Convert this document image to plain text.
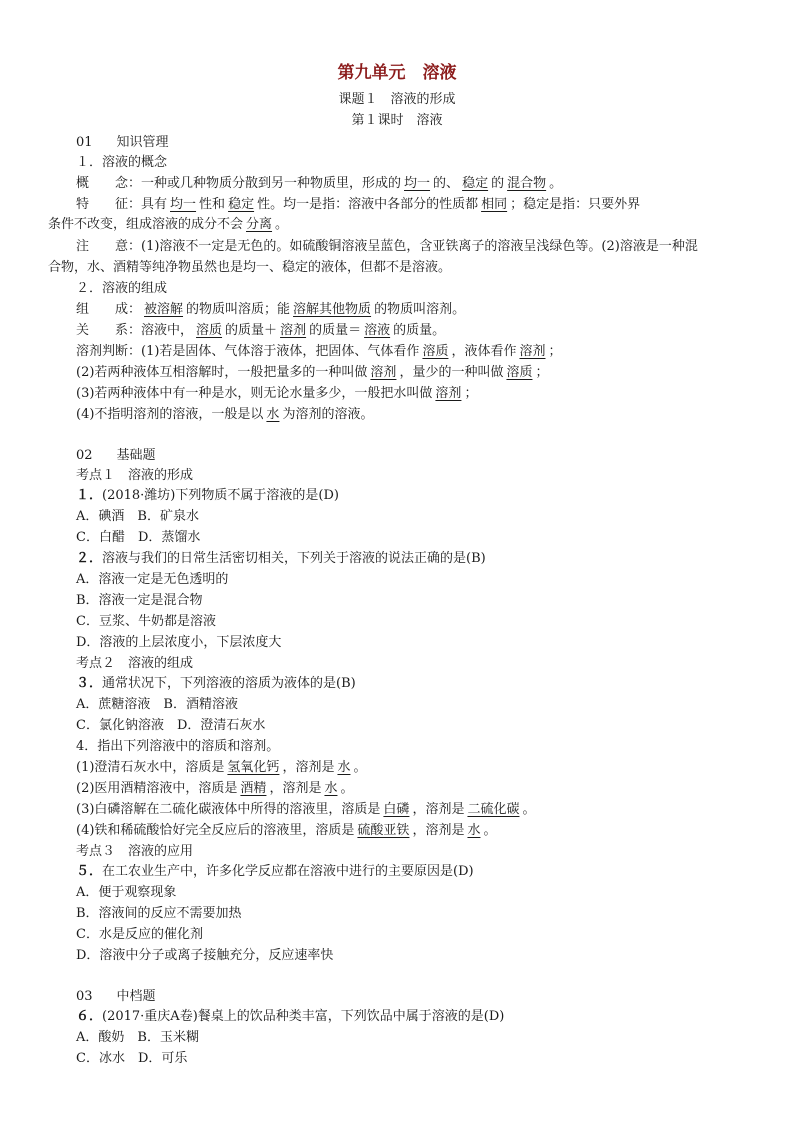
第九单元　溶液
课题１　溶液的形成
第１课时　溶液
01 知识管理
１．溶液的概念
概　　念：一种或几种物质分散到另一种物质里，形成的 均一 的、 稳定 的 混合物 。
特　　征：具有 均一 性和 稳定 性。均一是指：溶液中各部分的性质都 相同 ；稳定是指：只要外界
条件不改变，组成溶液的成分不会 分离 。
注　　意：(1)溶液不一定是无色的。如硫酸铜溶液呈蓝色，含亚铁离子的溶液呈浅绿色等。(2)溶液是一种混
合物，水、酒精等纯净物虽然也是均一、稳定的液体，但都不是溶液。
２．溶液的组成
组　　成： 被溶解 的物质叫溶质；能 溶解其他物质 的物质叫溶剂。
关　　系：溶液中， 溶质 的质量＋ 溶剂 的质量＝ 溶液 的质量。
溶剂判断：(1)若是固体、气体溶于液体，把固体、气体看作 溶质 ，液体看作 溶剂 ；
(2)若两种液体互相溶解时，一般把量多的一种叫做 溶剂 ，量少的一种叫做 溶质 ；
(3)若两种液体中有一种是水，则无论水量多少，一般把水叫做 溶剂 ；
(4)不指明溶剂的溶液，一般是以 水 为溶剂的溶液。
02 基础题
考点１　溶液的形成
１．(2018·潍坊)下列物质不属于溶液的是(D)
A．碘酒　B．矿泉水
C．白醋　D．蒸馏水
２．溶液与我们的日常生活密切相关，下列关于溶液的说法正确的是(B)
A．溶液一定是无色透明的
B．溶液一定是混合物
C．豆浆、牛奶都是溶液
D．溶液的上层浓度小，下层浓度大
考点２　溶液的组成
３．通常状况下，下列溶液的溶质为液体的是(B)
A．蔗糖溶液　B．酒精溶液
C．氯化钠溶液　D．澄清石灰水
4．指出下列溶液中的溶质和溶剂。
(1)澄清石灰水中，溶质是 氢氧化钙 ，溶剂是 水 。
(2)医用酒精溶液中，溶质是 酒精 ，溶剂是 水 。
(3)白磷溶解在二硫化碳液体中所得的溶液里，溶质是 白磷 ，溶剂是 二硫化碳 。
(4)铁和稀硫酸恰好完全反应后的溶液里，溶质是 硫酸亚铁 ，溶剂是 水 。
考点３　溶液的应用
５．在工农业生产中，许多化学反应都在溶液中进行的主要原因是(D)
A．便于观察现象
B．溶液间的反应不需要加热
C．水是反应的催化剂
D．溶液中分子或离子接触充分，反应速率快
03 中档题
６．(2017·重庆A卷)餐桌上的饮品种类丰富，下列饮品中属于溶液的是(D)
A．酸奶　B．玉米糊
C．冰水　D．可乐
